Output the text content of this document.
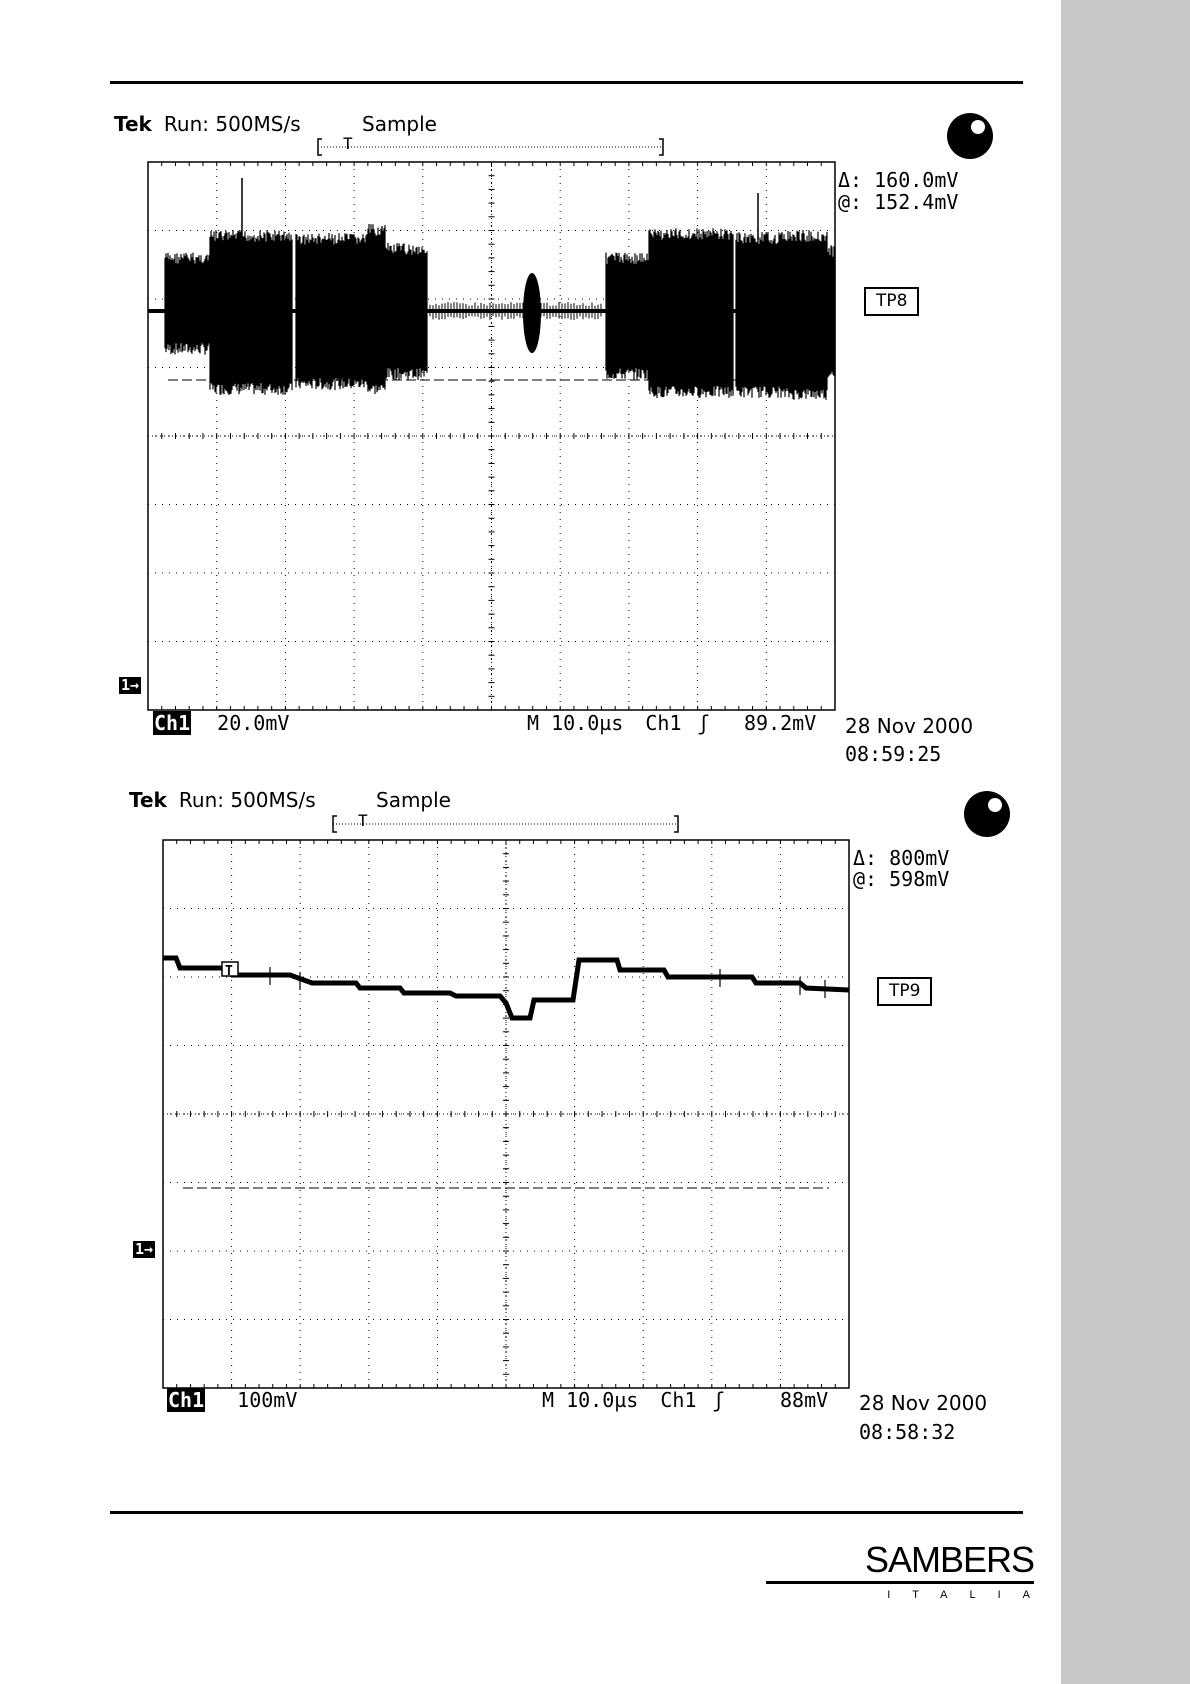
Tek Run: 500MS/s	Sample
T
Δ: 160.0mV
@: 152.4mV
TP8
1→
Ch1 20.0mV	M 10.0µs Ch1 ʃ 89.2mV 28 Nov 2000
08:59:25
T
Tek Run: 500MS/s	Sample
T
Δ: 800mV
@: 598mV
TP9
1→
Ch1 100mV	M 10.0µs Ch1 ʃ	88mV 28 Nov 2000
08:58:32
SAMBERS
ITALIA
